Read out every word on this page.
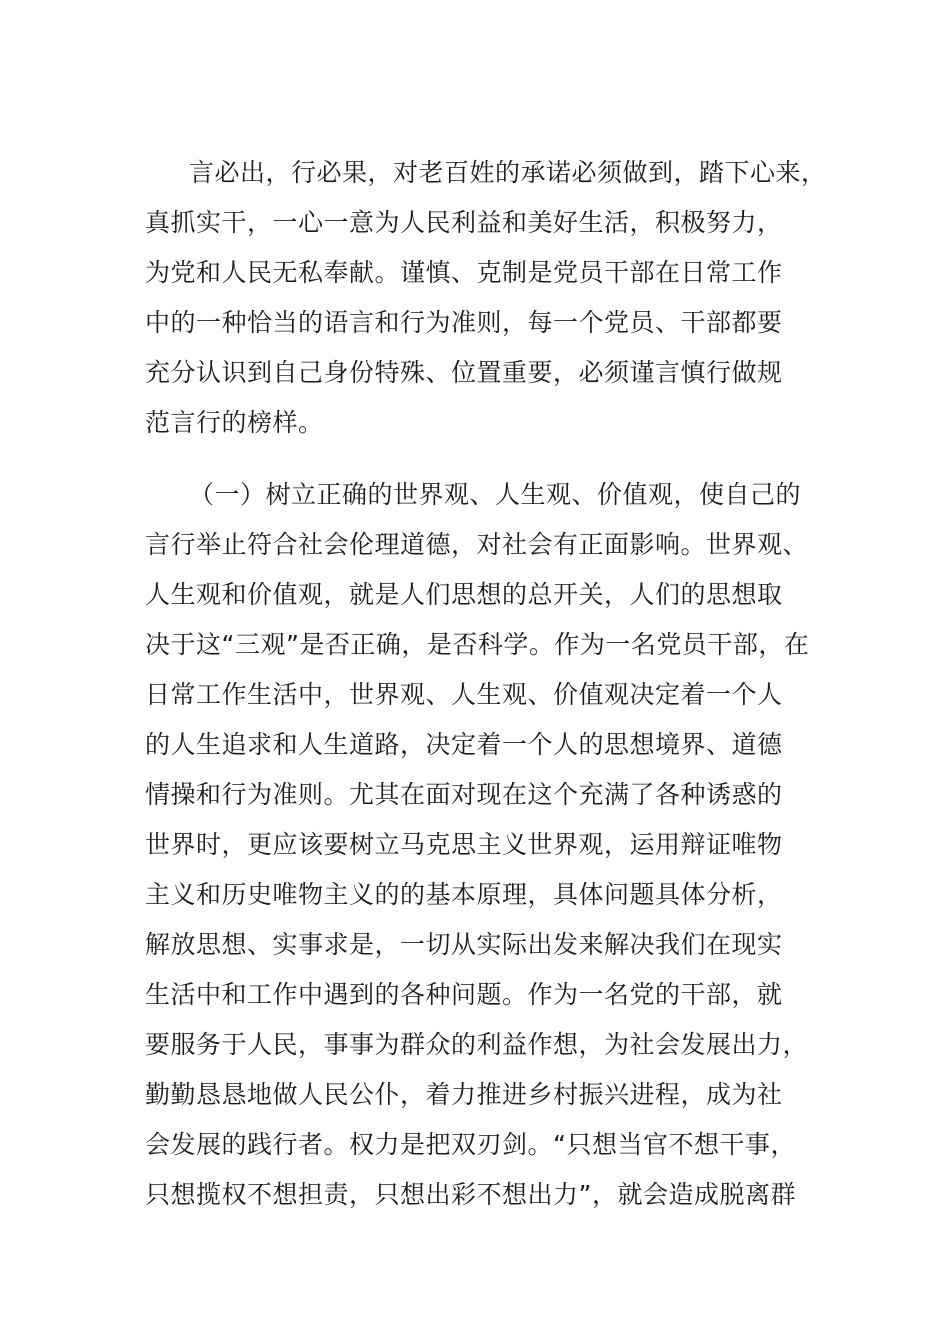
言必出，行必果，对老百姓的承诺必须做到，踏下心来，
真抓实干，一心一意为人民利益和美好生活，积极努力，
为党和人民无私奉献。谨慎、克制是党员干部在日常工作
中的一种恰当的语言和行为准则，每一个党员、干部都要
充分认识到自己身份特殊、位置重要，必须谨言慎行做规
范言行的榜样。
（一）树立正确的世界观、人生观、价值观，使自己的
言行举止符合社会伦理道德，对社会有正面影响。世界观、
人生观和价值观，就是人们思想的总开关，人们的思想取
决于这“三观”是否正确，是否科学。作为一名党员干部，在
日常工作生活中，世界观、人生观、价值观决定着一个人
的人生追求和人生道路，决定着一个人的思想境界、道德
情操和行为准则。尤其在面对现在这个充满了各种诱惑的
世界时，更应该要树立马克思主义世界观，运用辩证唯物
主义和历史唯物主义的的基本原理，具体问题具体分析，
解放思想、实事求是，一切从实际出发来解决我们在现实
生活中和工作中遇到的各种问题。作为一名党的干部，就
要服务于人民，事事为群众的利益作想，为社会发展出力，
勤勤恳恳地做人民公仆，着力推进乡村振兴进程，成为社
会发展的践行者。权力是把双刃剑。“只想当官不想干事，
只想揽权不想担责，只想出彩不想出力”，就会造成脱离群
